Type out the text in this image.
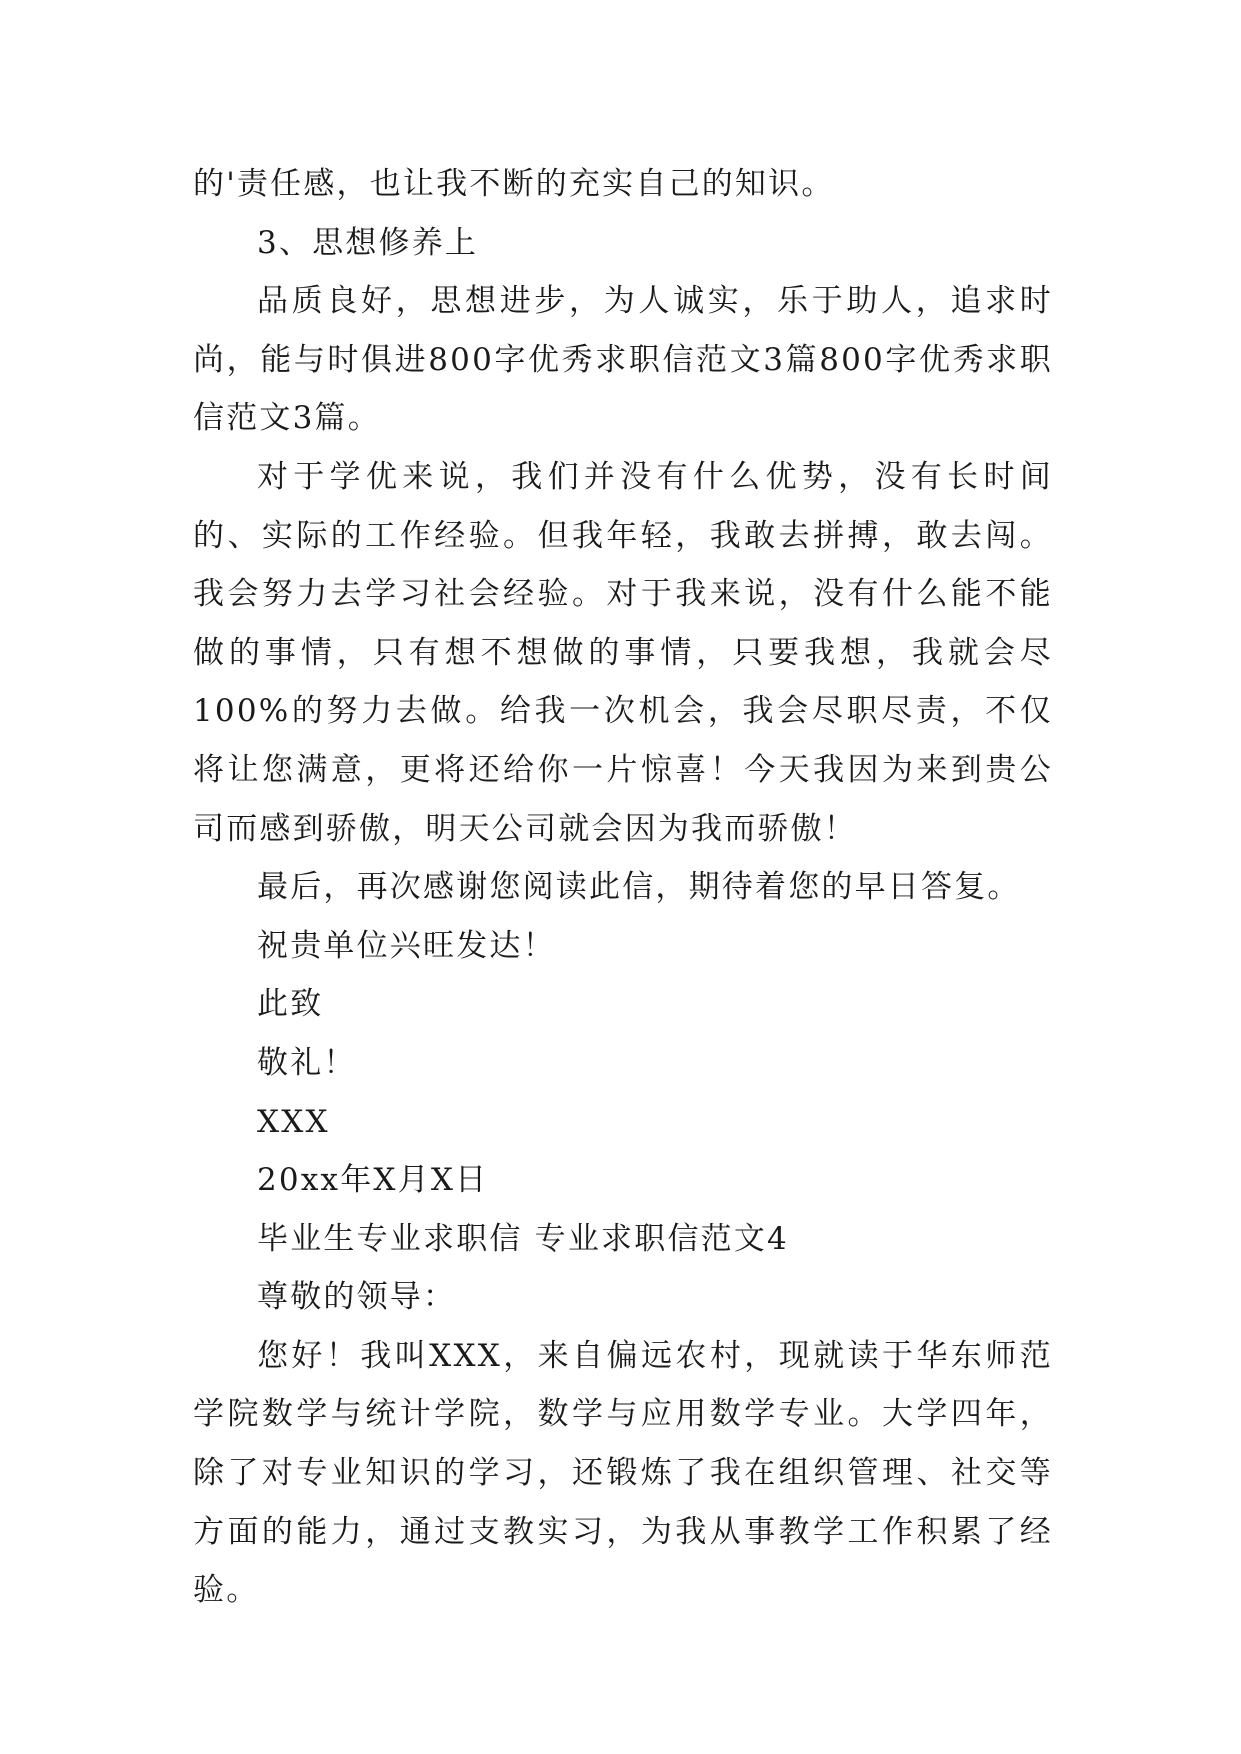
的'责任感，也让我不断的充实自己的知识。

3、思想修养上

品质良好，思想进步，为人诚实，乐于助人，追求时尚，能与时俱进800字优秀求职信范文3篇800字优秀求职信范文3篇。

对于学优来说，我们并没有什么优势，没有长时间的、实际的工作经验。但我年轻，我敢去拼搏，敢去闯。我会努力去学习社会经验。对于我来说，没有什么能不能做的事情，只有想不想做的事情，只要我想，我就会尽100%的努力去做。给我一次机会，我会尽职尽责，不仅将让您满意，更将还给你一片惊喜！今天我因为来到贵公司而感到骄傲，明天公司就会因为我而骄傲！

最后，再次感谢您阅读此信，期待着您的早日答复。

祝贵单位兴旺发达！

此致

敬礼！

XXX

20xx年X月X日

毕业生专业求职信 专业求职信范文4

尊敬的领导：

您好！我叫XXX，来自偏远农村，现就读于华东师范学院数学与统计学院，数学与应用数学专业。大学四年，除了对专业知识的学习，还锻炼了我在组织管理、社交等方面的能力，通过支教实习，为我从事教学工作积累了经验。
